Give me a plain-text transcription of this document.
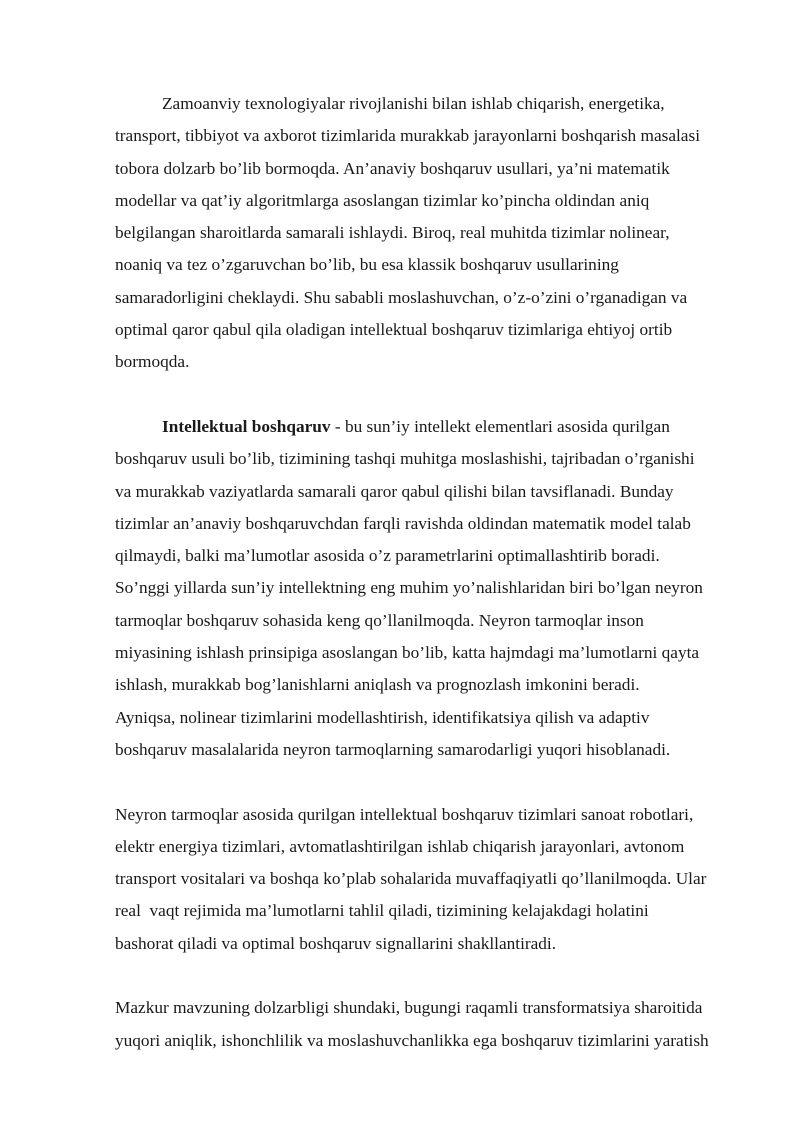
Zamoanviy texnologiyalar rivojlanishi bilan ishlab chiqarish, energetika,
transport, tibbiyot va axborot tizimlarida murakkab jarayonlarni boshqarish masalasi
tobora dolzarb bo’lib bormoqda. An’anaviy boshqaruv usullari, ya’ni matematik
modellar va qat’iy algoritmlarga asoslangan tizimlar ko’pincha oldindan aniq
belgilangan sharoitlarda samarali ishlaydi. Biroq, real muhitda tizimlar nolinear,
noaniq va tez o’zgaruvchan bo’lib, bu esa klassik boshqaruv usullarining
samaradorligini cheklaydi. Shu sababli moslashuvchan, o’z-o’zini o’rganadigan va
optimal qaror qabul qila oladigan intellektual boshqaruv tizimlariga ehtiyoj ortib
bormoqda.
Intellektual boshqaruv - bu sun’iy intellekt elementlari asosida qurilgan
boshqaruv usuli bo’lib, tizimining tashqi muhitga moslashishi, tajribadan o’rganishi
va murakkab vaziyatlarda samarali qaror qabul qilishi bilan tavsiflanadi. Bunday
tizimlar an’anaviy boshqaruvchdan farqli ravishda oldindan matematik model talab
qilmaydi, balki ma’lumotlar asosida o’z parametrlarini optimallashtirib boradi.
So’nggi yillarda sun’iy intellektning eng muhim yo’nalishlaridan biri bo’lgan neyron
tarmoqlar boshqaruv sohasida keng qo’llanilmoqda. Neyron tarmoqlar inson
miyasining ishlash prinsipiga asoslangan bo’lib, katta hajmdagi ma’lumotlarni qayta
ishlash, murakkab bog’lanishlarni aniqlash va prognozlash imkonini beradi.
Ayniqsa, nolinear tizimlarini modellashtirish, identifikatsiya qilish va adaptiv
boshqaruv masalalarida neyron tarmoqlarning samarodarligi yuqori hisoblanadi.
Neyron tarmoqlar asosida qurilgan intellektual boshqaruv tizimlari sanoat robotlari,
elektr energiya tizimlari, avtomatlashtirilgan ishlab chiqarish jarayonlari, avtonom
transport vositalari va boshqa ko’plab sohalarida muvaffaqiyatli qo’llanilmoqda. Ular
real  vaqt rejimida ma’lumotlarni tahlil qiladi, tizimining kelajakdagi holatini
bashorat qiladi va optimal boshqaruv signallarini shakllantiradi.
Mazkur mavzuning dolzarbligi shundaki, bugungi raqamli transformatsiya sharoitida
yuqori aniqlik, ishonchlilik va moslashuvchanlikka ega boshqaruv tizimlarini yaratish
